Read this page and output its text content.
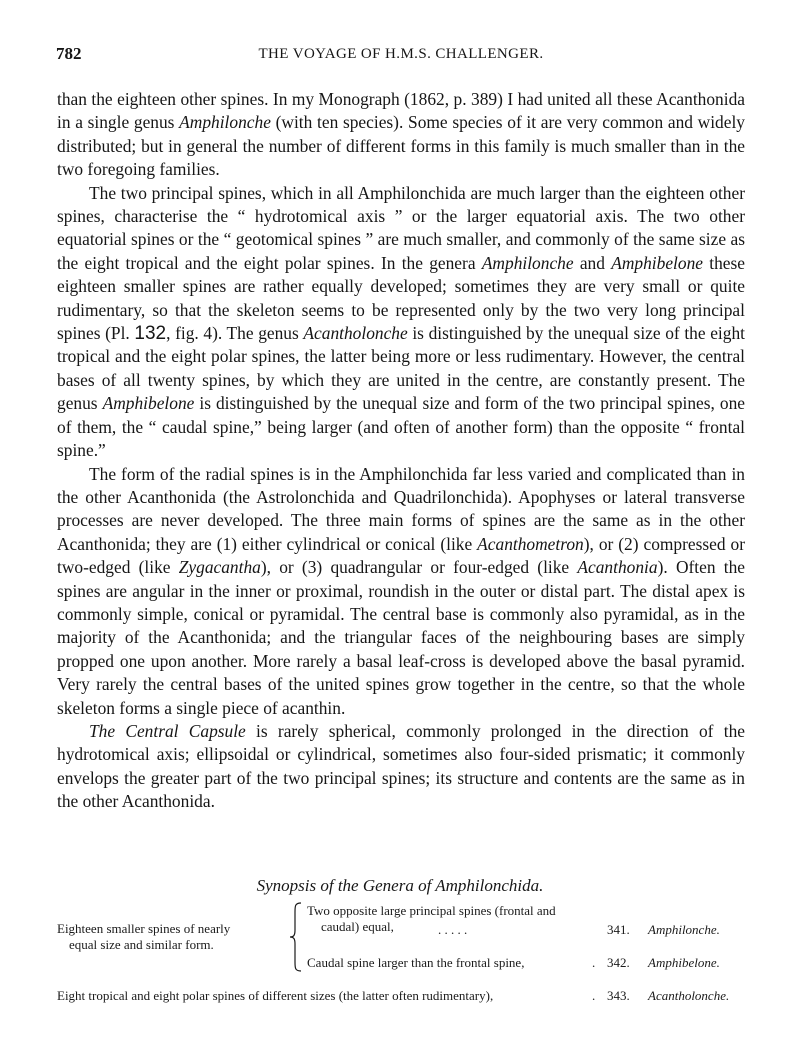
782	THE VOYAGE OF H.M.S. CHALLENGER.

than the eighteen other spines. In my Monograph (1862, p. 389) I had united all these Acanthonida in a single genus Amphilonche (with ten species). Some species of it are very common and widely distributed; but in general the number of different forms in this family is much smaller than in the two foregoing families.

The two principal spines, which in all Amphilonchida are much larger than the eighteen other spines, characterise the “ hydrotomical axis ” or the larger equatorial axis. The two other equatorial spines or the “ geotomical spines ” are much smaller, and commonly of the same size as the eight tropical and the eight polar spines. In the genera Amphilonche and Amphibelone these eighteen smaller spines are rather equally developed; sometimes they are very small or quite rudimentary, so that the skeleton seems to be represented only by the two very long principal spines (Pl. 132, fig. 4). The genus Acantholonche is distinguished by the unequal size of the eight tropical and the eight polar spines, the latter being more or less rudimentary. However, the central bases of all twenty spines, by which they are united in the centre, are constantly present. The genus Amphibelone is distinguished by the unequal size and form of the two principal spines, one of them, the “ caudal spine,” being larger (and often of another form) than the opposite “ frontal spine.”

The form of the radial spines is in the Amphilonchida far less varied and complicated than in the other Acanthonida (the Astrolonchida and Quadrilonchida). Apophyses or lateral transverse processes are never developed. The three main forms of spines are the same as in the other Acanthonida; they are (1) either cylindrical or conical (like Acanthometron), or (2) compressed or two-edged (like Zygacantha), or (3) quadrangular or four-edged (like Acanthonia). Often the spines are angular in the inner or proximal, roundish in the outer or distal part. The distal apex is commonly simple, conical or pyramidal. The central base is commonly also pyramidal, as in the majority of the Acanthonida; and the triangular faces of the neighbouring bases are simply propped one upon another. More rarely a basal leaf-cross is developed above the basal pyramid. Very rarely the central bases of the united spines grow together in the centre, so that the whole skeleton forms a single piece of acanthin.

The Central Capsule is rarely spherical, commonly prolonged in the direction of the hydrotomical axis; ellipsoidal or cylindrical, sometimes also four-sided prismatic; it commonly envelops the greater part of the two principal spines; its structure and contents are the same as in the other Acanthonida.

Synopsis of the Genera of Amphilonchida.
Eighteen smaller spines of nearly
equal size and similar form.
Two opposite large principal spines (frontal and
caudal) equal,	. . . . .	341. Amphilonche.
Caudal spine larger than the frontal spine,	. 342. Amphibelone.
Eight tropical and eight polar spines of different sizes (the latter often rudimentary),	. 343. Acantholonche.
